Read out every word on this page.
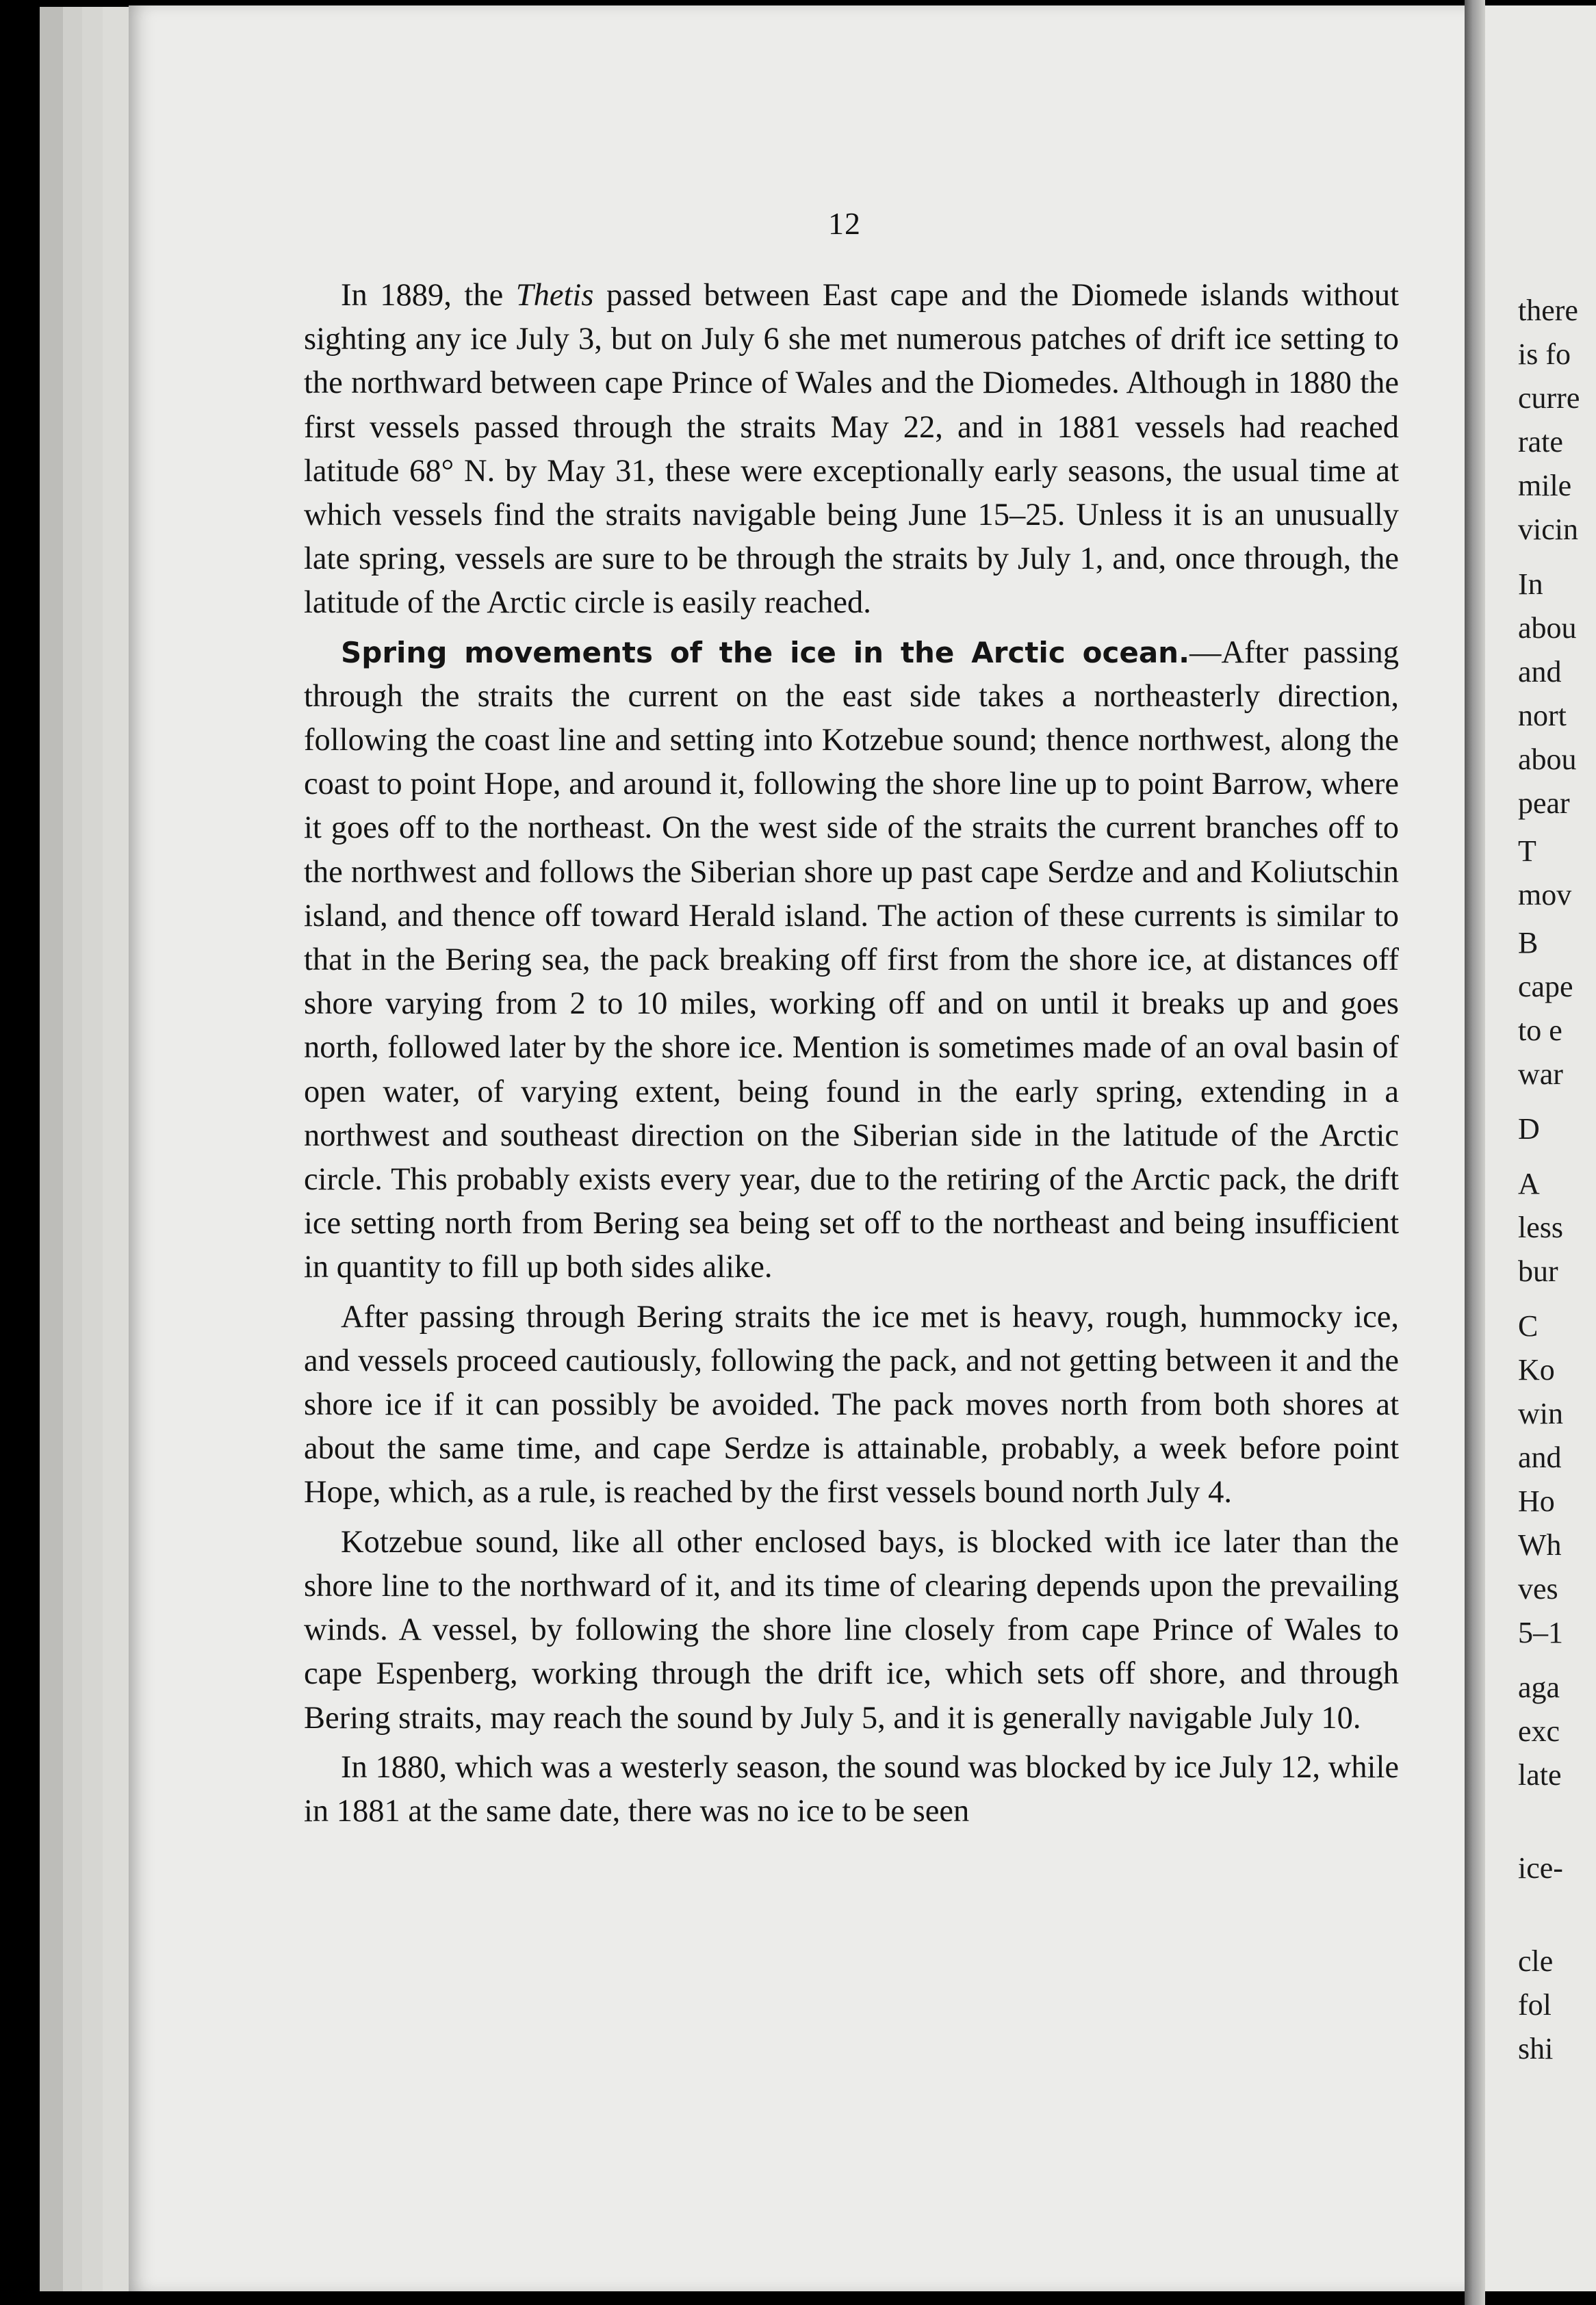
12

In 1889, the Thetis passed between East cape and the Diomede islands without sighting any ice July 3, but on July 6 she met numerous patches of drift ice setting to the northward between cape Prince of Wales and the Diomedes. Although in 1880 the first vessels passed through the straits May 22, and in 1881 vessels had reached latitude 68° N. by May 31, these were exceptionally early seasons, the usual time at which vessels find the straits navigable being June 15–25. Unless it is an unusually late spring, vessels are sure to be through the straits by July 1, and, once through, the latitude of the Arctic circle is easily reached.

Spring movements of the ice in the Arctic ocean.—After passing through the straits the current on the east side takes a northeasterly direction, following the coast line and setting into Kotzebue sound; thence northwest, along the coast to point Hope, and around it, following the shore line up to point Barrow, where it goes off to the northeast. On the west side of the straits the current branches off to the northwest and follows the Siberian shore up past cape Serdze and and Koliutschin island, and thence off toward Herald island. The action of these currents is similar to that in the Bering sea, the pack breaking off first from the shore ice, at distances off shore varying from 2 to 10 miles, working off and on until it breaks up and goes north, followed later by the shore ice. Mention is sometimes made of an oval basin of open water, of varying extent, being found in the early spring, extending in a northwest and southeast direction on the Siberian side in the latitude of the Arctic circle. This probably exists every year, due to the retiring of the Arctic pack, the drift ice setting north from Bering sea being set off to the northeast and being insufficient in quantity to fill up both sides alike.

After passing through Bering straits the ice met is heavy, rough, hummocky ice, and vessels proceed cautiously, following the pack, and not getting between it and the shore ice if it can possibly be avoided. The pack moves north from both shores at about the same time, and cape Serdze is attainable, probably, a week before point Hope, which, as a rule, is reached by the first vessels bound north July 4.

Kotzebue sound, like all other enclosed bays, is blocked with ice later than the shore line to the northward of it, and its time of clearing depends upon the prevailing winds. A vessel, by following the shore line closely from cape Prince of Wales to cape Espenberg, working through the drift ice, which sets off shore, and through Bering straits, may reach the sound by July 5, and it is generally navigable July 10.

In 1880, which was a westerly season, the sound was blocked by ice July 12, while in 1881 at the same date, there was no ice to be seen

there
is fo
curre
rate
mile
vicin
In
abou
and
nort
abou
pear
T
mov
B
cape
to e
war
D
A
less
bur
C
Ko
win
and
Ho
Wh
ves
5–1
aga
exc
late
ice-
cle
fol
shi
